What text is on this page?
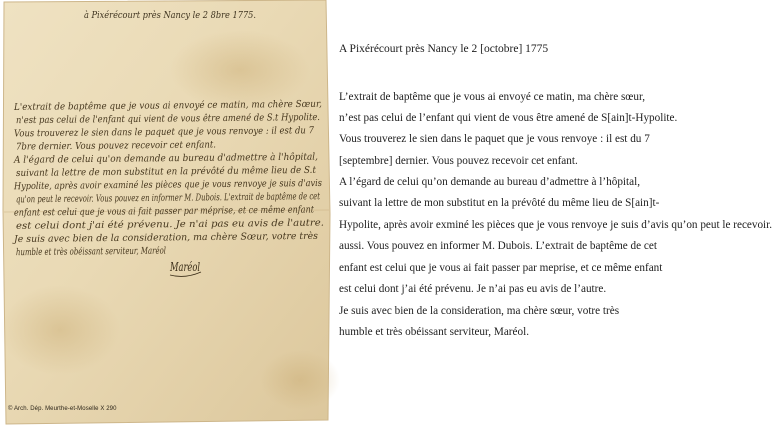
à Pixérécourt près Nancy le 2 8bre 1775.
L'extrait de baptême que je vous ai envoyé ce matin, ma chère Sœur,
n'est pas celui de l'enfant qui vient de vous être amené de S.t Hypolite.
Vous trouverez le sien dans le paquet que je vous renvoye : il est du 7
7bre dernier. Vous pouvez recevoir cet enfant.
A l'égard de celui qu'on demande au bureau d'admettre à l'hôpital,
suivant la lettre de mon substitut en la prévôté du même lieu de S.t
Hypolite, après avoir examiné les pièces que je vous renvoye je suis d'avis
qu'on peut le recevoir. Vous pouvez en informer M. Dubois. L'extrait de baptême de cet
enfant est celui que je vous ai fait passer par méprise, et ce même enfant
est celui dont j'ai été prévenu. Je n'ai pas eu avis de l'autre.
Je suis avec bien de la consideration, ma chère Sœur, votre très
humble et très obéissant serviteur, Maréol
Maréol
© Arch. Dép. Meurthe-et-Moselle X 290
A Pixérécourt près Nancy le 2 [octobre] 1775
L’extrait de baptême que je vous ai envoyé ce matin, ma chère sœur,
n’est pas celui de l’enfant qui vient de vous être amené de S[ain]t-Hypolite.
Vous trouverez le sien dans le paquet que je vous renvoye : il est du 7
[septembre] dernier. Vous pouvez recevoir cet enfant.
A l’égard de celui qu’on demande au bureau d’admettre à l’hôpital,
suivant la lettre de mon substitut en la prévôté du même lieu de S[ain]t-
Hypolite, après avoir exminé les pièces que je vous renvoye je suis d’avis qu’on peut le recevoir.
aussi. Vous pouvez en informer M. Dubois. L’extrait de baptême de cet
enfant est celui que je vous ai fait passer par meprise, et ce même enfant
est celui dont j’ai été prévenu. Je n’ai pas eu avis de l’autre.
Je suis avec bien de la consideration, ma chère sœur, votre très
humble et très obéissant serviteur, Maréol.
